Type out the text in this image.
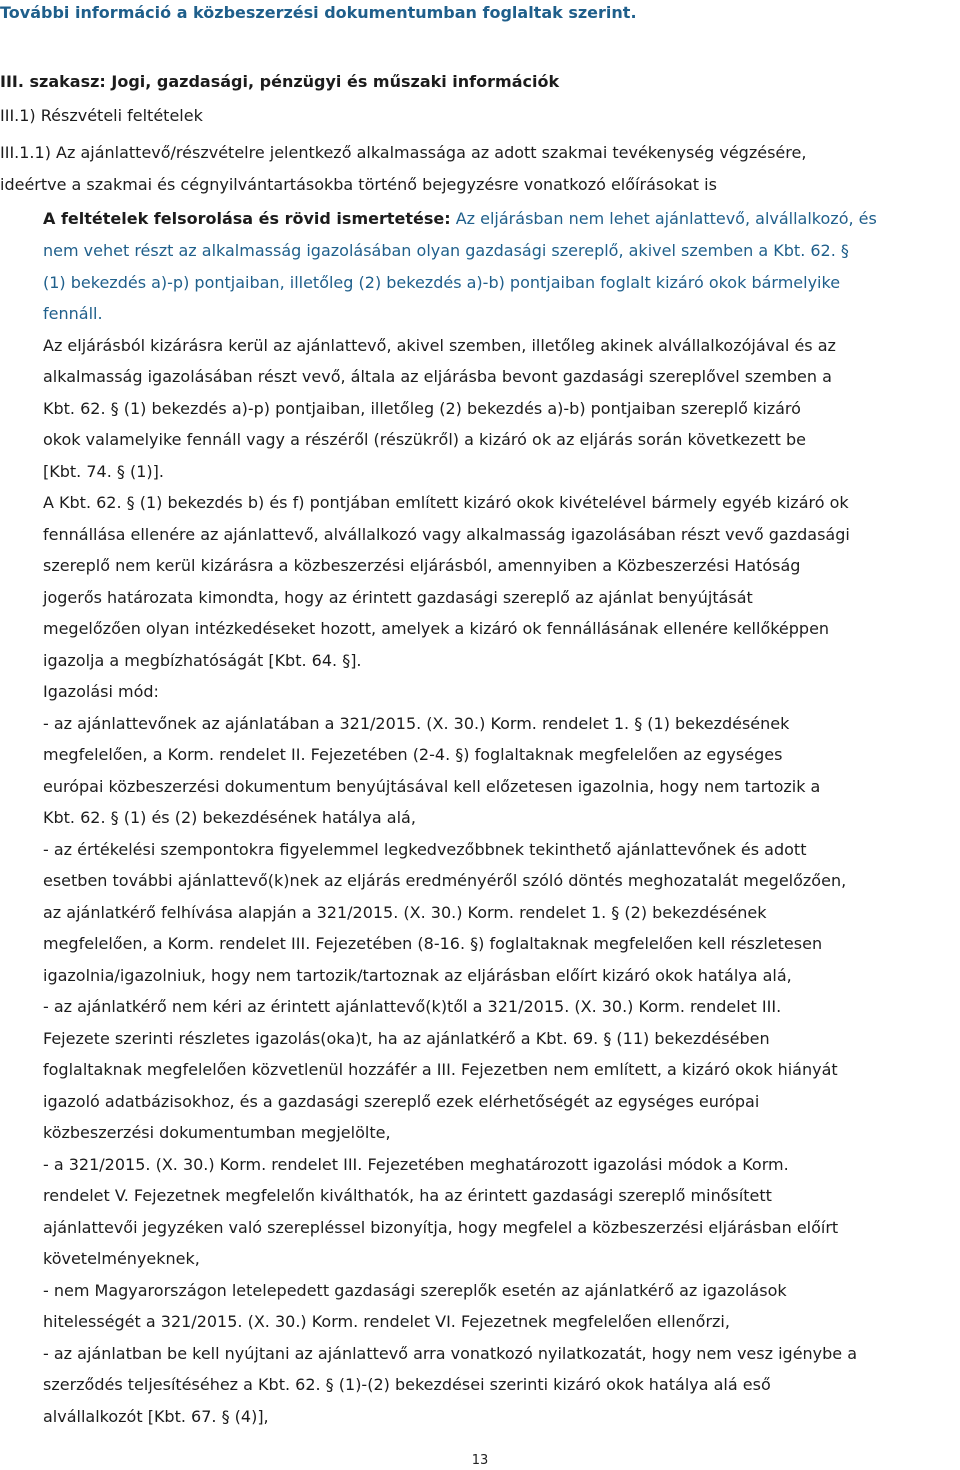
További információ a közbeszerzési dokumentumban foglaltak szerint.

III. szakasz: Jogi, gazdasági, pénzügyi és műszaki információk

III.1) Részvételi feltételek

III.1.1) Az ajánlattevő/részvételre jelentkező alkalmassága az adott szakmai tevékenység végzésére,

ideértve a szakmai és cégnyilvántartásokba történő bejegyzésre vonatkozó előírásokat is

A feltételek felsorolása és rövid ismertetése: Az eljárásban nem lehet ajánlattevő, alvállalkozó, és

nem vehet részt az alkalmasság igazolásában olyan gazdasági szereplő, akivel szemben a Kbt. 62. §

(1) bekezdés a)-p) pontjaiban, illetőleg (2) bekezdés a)-b) pontjaiban foglalt kizáró okok bármelyike

fennáll.

Az eljárásból kizárásra kerül az ajánlattevő, akivel szemben, illetőleg akinek alvállalkozójával és az

alkalmasság igazolásában részt vevő, általa az eljárásba bevont gazdasági szereplővel szemben a

Kbt. 62. § (1) bekezdés a)-p) pontjaiban, illetőleg (2) bekezdés a)-b) pontjaiban szereplő kizáró

okok valamelyike fennáll vagy a részéről (részükről) a kizáró ok az eljárás során következett be

[Kbt. 74. § (1)].

A Kbt. 62. § (1) bekezdés b) és f) pontjában említett kizáró okok kivételével bármely egyéb kizáró ok

fennállása ellenére az ajánlattevő, alvállalkozó vagy alkalmasság igazolásában részt vevő gazdasági

szereplő nem kerül kizárásra a közbeszerzési eljárásból, amennyiben a Közbeszerzési Hatóság

jogerős határozata kimondta, hogy az érintett gazdasági szereplő az ajánlat benyújtását

megelőzően olyan intézkedéseket hozott, amelyek a kizáró ok fennállásának ellenére kellőképpen

igazolja a megbízhatóságát [Kbt. 64. §].

Igazolási mód:

- az ajánlattevőnek az ajánlatában a 321/2015. (X. 30.) Korm. rendelet 1. § (1) bekezdésének

megfelelően, a Korm. rendelet II. Fejezetében (2-4. §) foglaltaknak megfelelően az egységes

európai közbeszerzési dokumentum benyújtásával kell előzetesen igazolnia, hogy nem tartozik a

Kbt. 62. § (1) és (2) bekezdésének hatálya alá,

- az értékelési szempontokra figyelemmel legkedvezőbbnek tekinthető ajánlattevőnek és adott

esetben további ajánlattevő(k)nek az eljárás eredményéről szóló döntés meghozatalát megelőzően,

az ajánlatkérő felhívása alapján a 321/2015. (X. 30.) Korm. rendelet 1. § (2) bekezdésének

megfelelően, a Korm. rendelet III. Fejezetében (8-16. §) foglaltaknak megfelelően kell részletesen

igazolnia/igazolniuk, hogy nem tartozik/tartoznak az eljárásban előírt kizáró okok hatálya alá,

- az ajánlatkérő nem kéri az érintett ajánlattevő(k)től a 321/2015. (X. 30.) Korm. rendelet III.

Fejezete szerinti részletes igazolás(oka)t, ha az ajánlatkérő a Kbt. 69. § (11) bekezdésében

foglaltaknak megfelelően közvetlenül hozzáfér a III. Fejezetben nem említett, a kizáró okok hiányát

igazoló adatbázisokhoz, és a gazdasági szereplő ezek elérhetőségét az egységes európai

közbeszerzési dokumentumban megjelölte,

- a 321/2015. (X. 30.) Korm. rendelet III. Fejezetében meghatározott igazolási módok a Korm.

rendelet V. Fejezetnek megfelelőn kiválthatók, ha az érintett gazdasági szereplő minősített

ajánlattevői jegyzéken való szerepléssel bizonyítja, hogy megfelel a közbeszerzési eljárásban előírt

követelményeknek,

- nem Magyarországon letelepedett gazdasági szereplők esetén az ajánlatkérő az igazolások

hitelességét a 321/2015. (X. 30.) Korm. rendelet VI. Fejezetnek megfelelően ellenőrzi,

- az ajánlatban be kell nyújtani az ajánlattevő arra vonatkozó nyilatkozatát, hogy nem vesz igénybe a

szerződés teljesítéséhez a Kbt. 62. § (1)-(2) bekezdései szerinti kizáró okok hatálya alá eső

alvállalkozót [Kbt. 67. § (4)],

13
